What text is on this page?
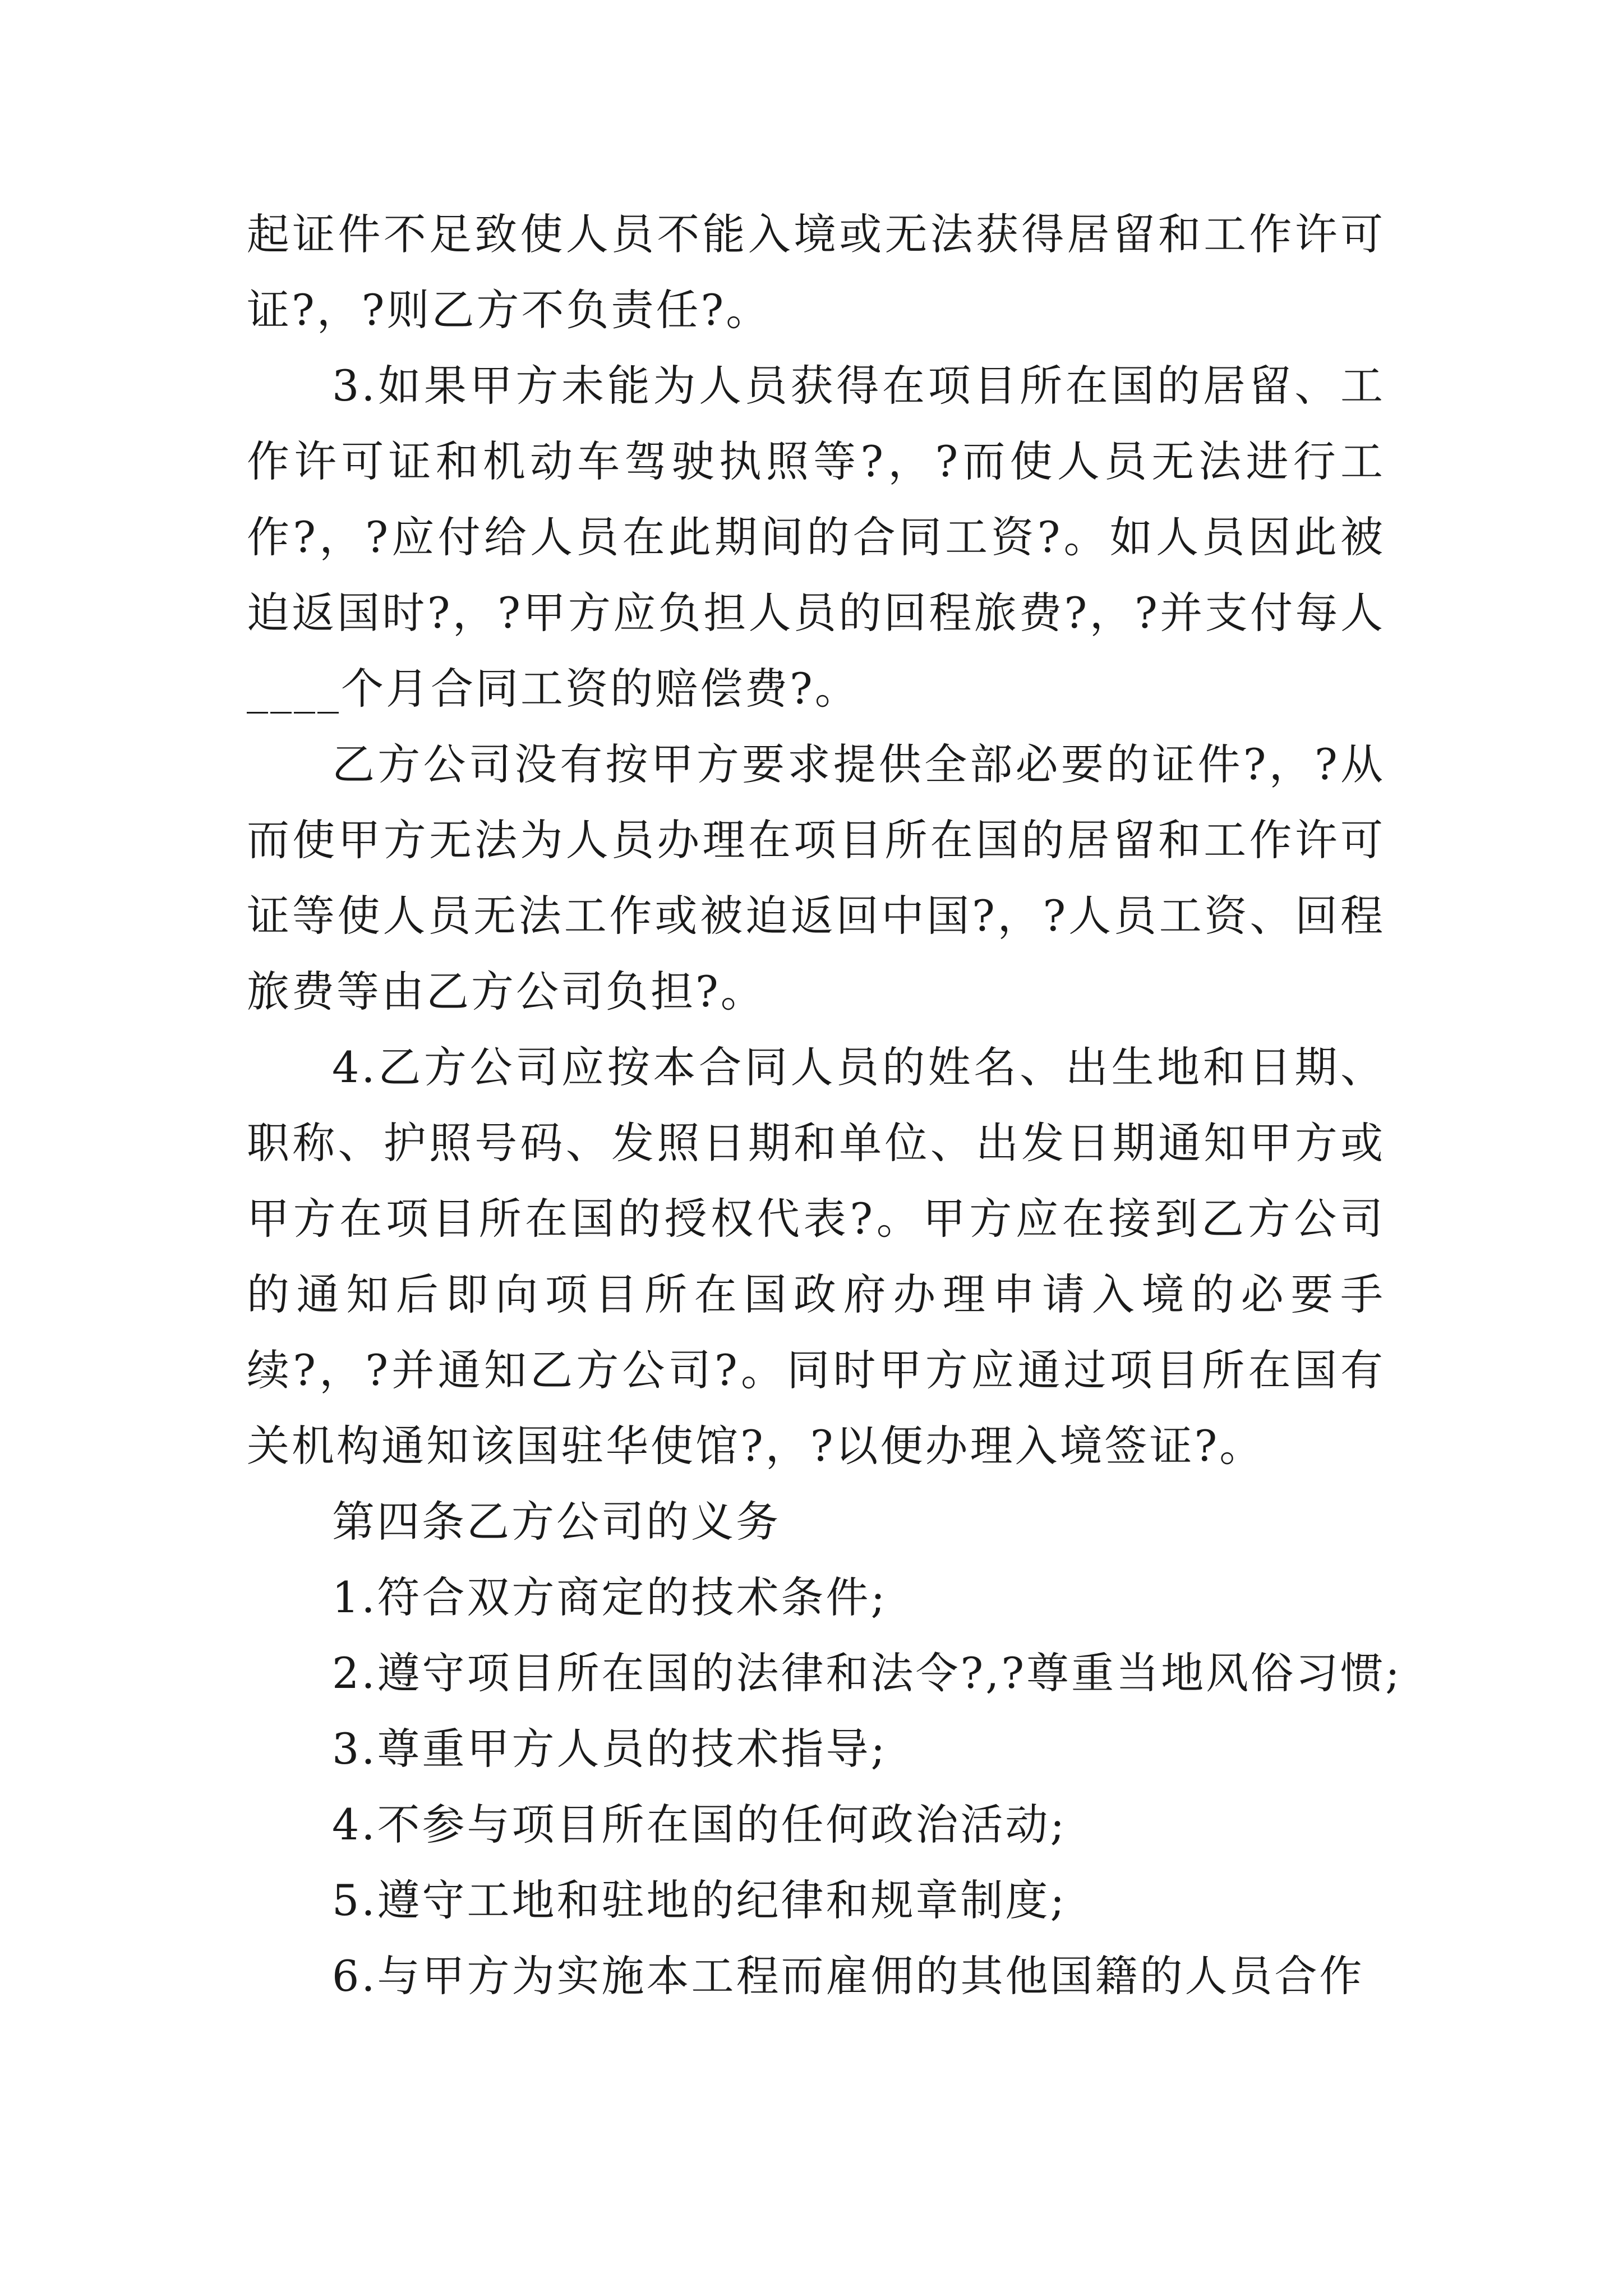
起证件不足致使人员不能入境或无法获得居留和工作许可证?，?则乙方不负责任?。

3.如果甲方未能为人员获得在项目所在国的居留、工作许可证和机动车驾驶执照等?，?而使人员无法进行工作?，?应付给人员在此期间的合同工资?。如人员因此被迫返国时?，?甲方应负担人员的回程旅费?，?并支付每人____个月合同工资的赔偿费?。

乙方公司没有按甲方要求提供全部必要的证件?，?从而使甲方无法为人员办理在项目所在国的居留和工作许可证等使人员无法工作或被迫返回中国?，?人员工资、回程旅费等由乙方公司负担?。

4.乙方公司应按本合同人员的姓名、出生地和日期、职称、护照号码、发照日期和单位、出发日期通知甲方或甲方在项目所在国的授权代表?。甲方应在接到乙方公司的通知后即向项目所在国政府办理申请入境的必要手续?，?并通知乙方公司?。同时甲方应通过项目所在国有关机构通知该国驻华使馆?，?以便办理入境签证?。

第四条乙方公司的义务

1.符合双方商定的技术条件;

2.遵守项目所在国的法律和法令?,?尊重当地风俗习惯;

3.尊重甲方人员的技术指导;

4.不参与项目所在国的任何政治活动;

5.遵守工地和驻地的纪律和规章制度;

6.与甲方为实施本工程而雇佣的其他国籍的人员合作
